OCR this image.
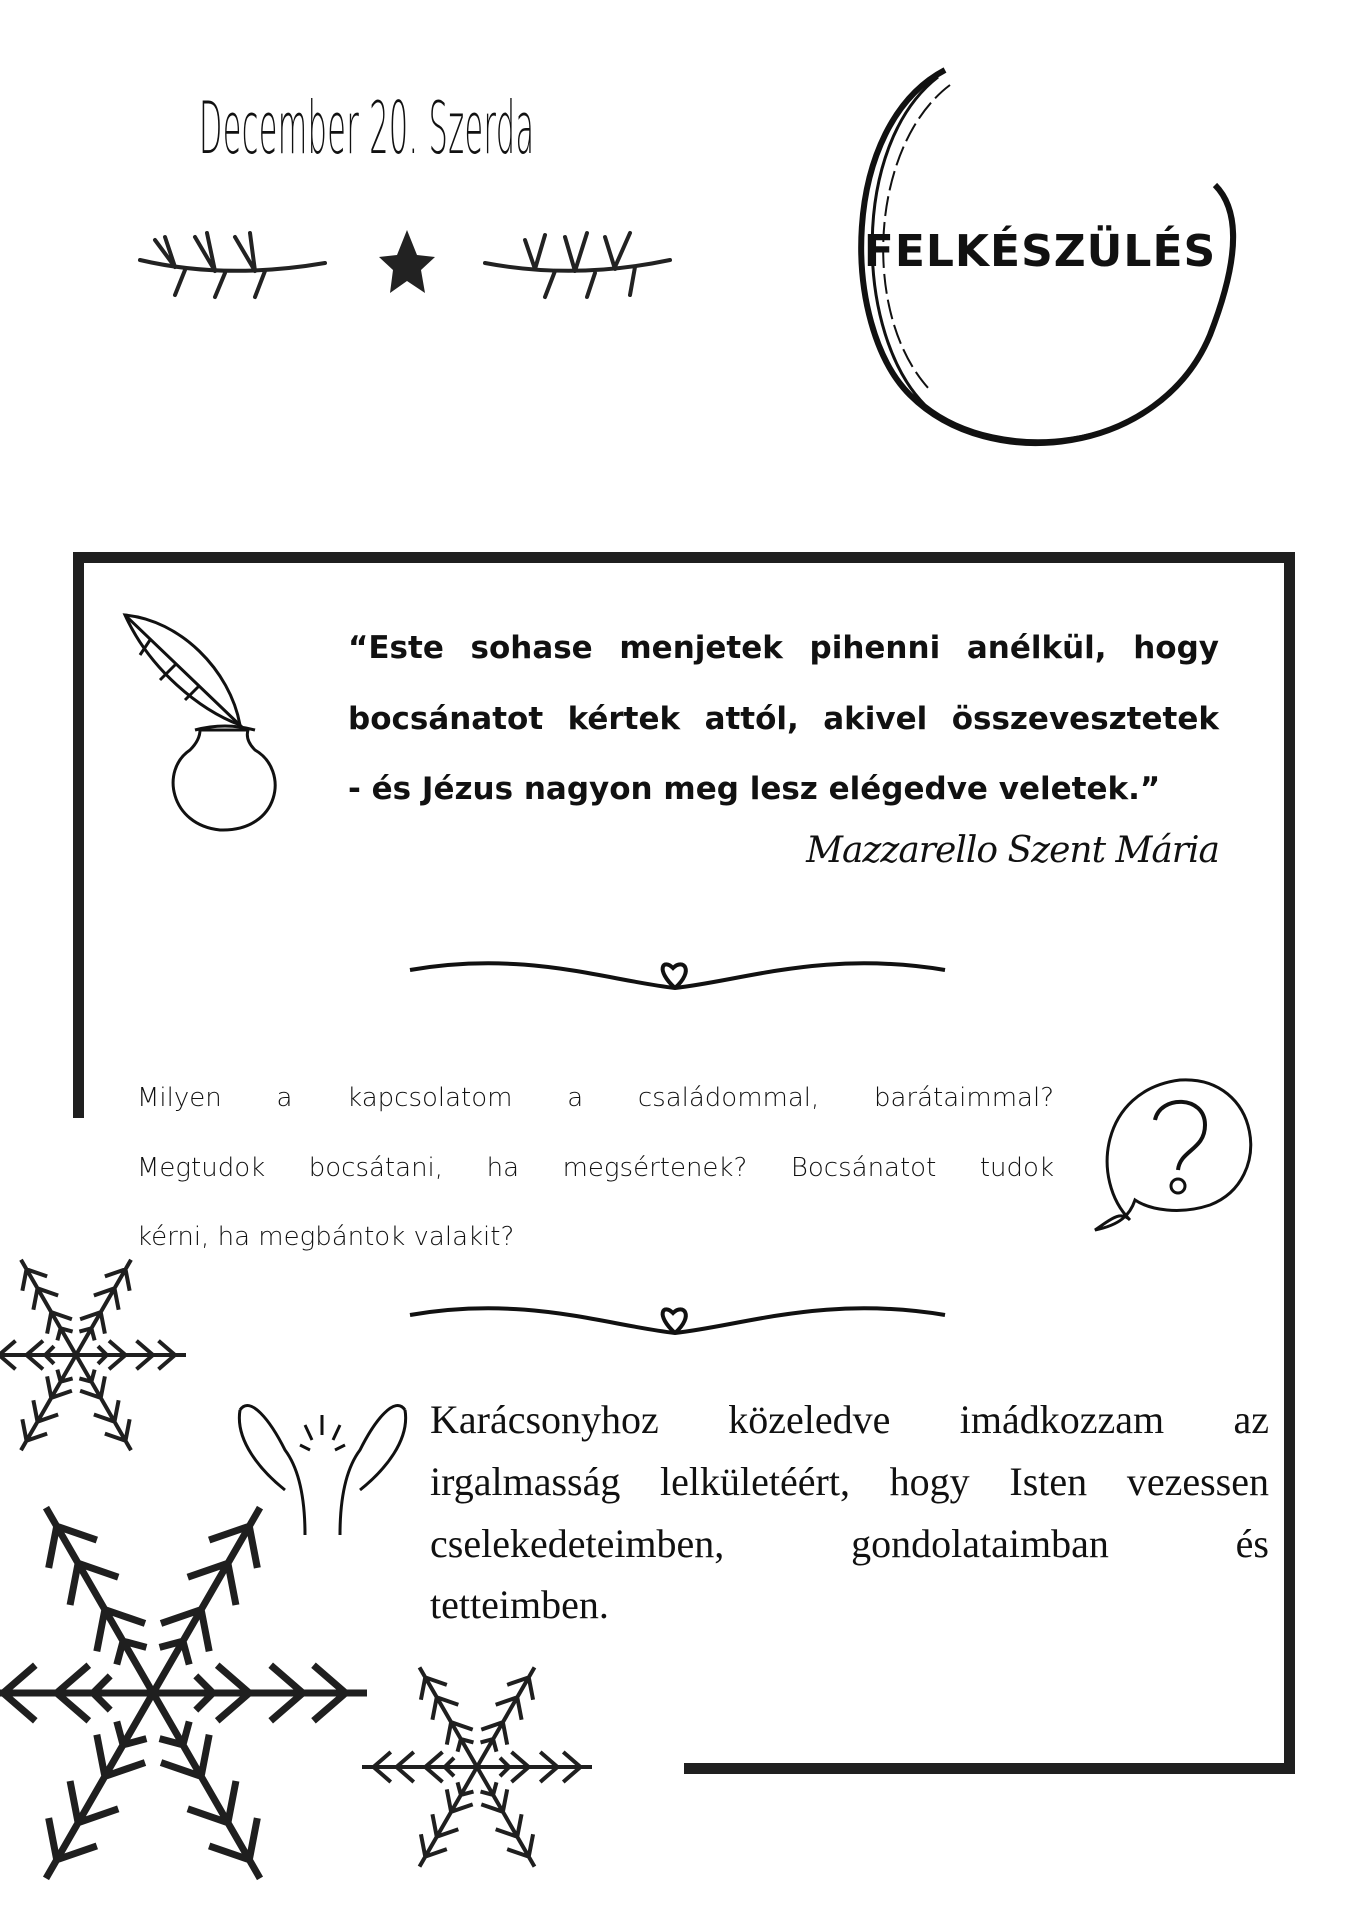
December 20. Szerda
FELKÉSZÜLÉS
“Este sohase menjetek pihenni anélkül, hogy
bocsánatot kértek attól, akivel összevesztetek
- és Jézus nagyon meg lesz elégedve veletek.”
Mazzarello Szent Mária
Milyen a kapcsolatom a családommal, barátaimmal?
Megtudok bocsátani, ha megsértenek? Bocsánatot tudok
kérni, ha megbántok valakit?
Karácsonyhoz közeledve imádkozzam az
irgalmasság lelkületéért, hogy Isten vezessen
cselekedeteimben, gondolataimban és
tetteimben.
